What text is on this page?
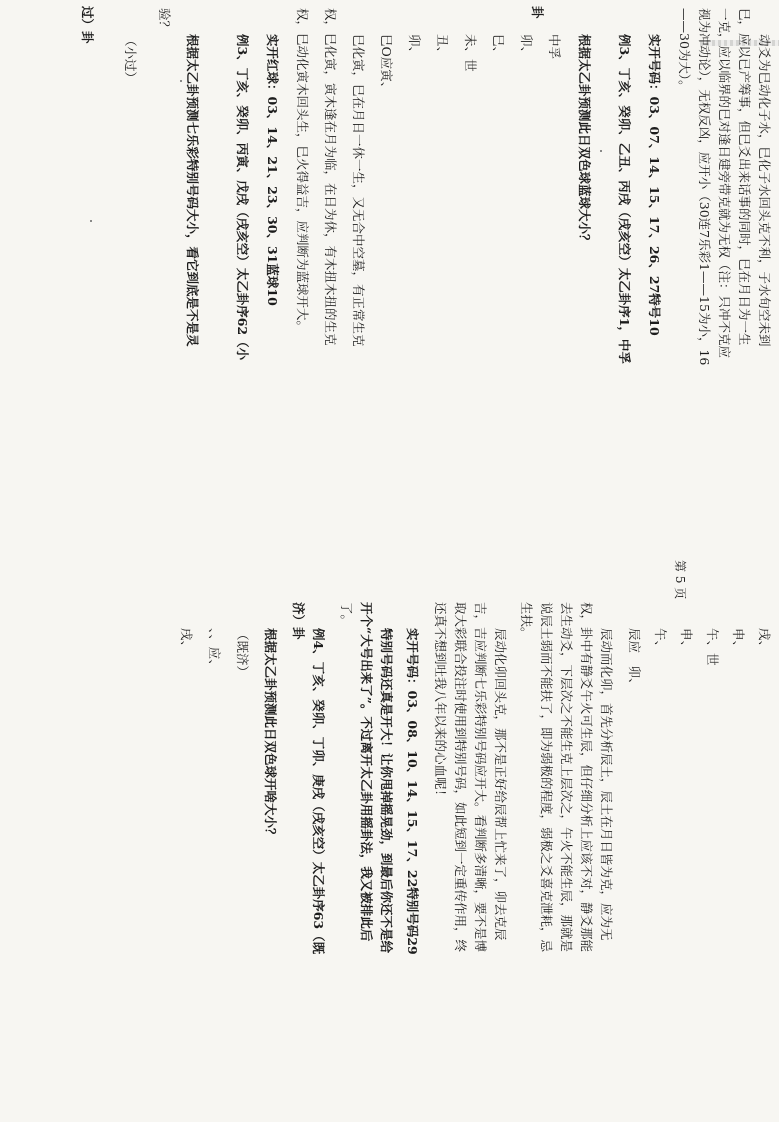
卦
过）卦

动爻为巳动化子水，巳化子水回头克不利，子水旬空未到

巳，应以已产筹事，但巳爻出来话事的同时，巳在月日为一生

一克，应以临界的巳对逢日建旁带克就为无权（注：只冲不克应

视为冲动论），无权反凶，应开小（30连7乐彩1——15为小，16

——30为大）。

实开号码：03、07、14、15、17、26、27特号10

例3、丁亥、癸卯、乙丑、丙戌（戌亥空）太乙卦序1，中孚

根据太乙卦预测此日双色球蓝球大小？

中孚

卯、

巳、

未、世

丑、

卯、

巳O应寅、

巳化寅，巳在月日一休一生，又无合中空墓，有正常生克

权，巳化寅，寅木逢在月为临，在日为休，有木扭木扭的生克

权，巳动化寅木回头生，巳火得益吉，应判断为蓝球开大。

实开红球：03、14、21、23、30、31蓝球10

例3、丁亥、癸卯、丙寅、戊戌（戌亥空）太乙卦序62（小

根据太乙卦预测七乐彩特别号码大小，看它到底是不是灵

验？

（小过）

第 5 页

戌、

申、

午、世

申、

午、

辰应　卯、

辰动而化卯，首先分析辰土，辰土在月日皆为克，应为无

权，卦中有静爻午火可生辰，但仔细分析上应该不对，静爻那能

去生动爻，下层次之不能生克上层次之，午火不能生辰，那就是

说辰土弱而不能扶了，即为弱极的程度，弱极之爻喜克泄耗，忌

生扶。

辰动化卯回头克，那不是正好给辰帮上忙来了，卯去克辰

吉，吉应判断七乐彩特别号码应开大。看判断多清晰，要不是博

取大彩联合投注时使用到特别号码，如此短到一定重传作用，终

还真不想到吐我八年以来的心血呢！

实开号码：03、08、10、14、15、17、22特别号码29

特别号码还真是开大！让你甩掉摇晃劲，到最后你还不是给

开个“大号出来了”。不过离开太乙卦用摇卦法，我又被排此后

了。

例4、丁亥、癸卯、丁卯、庚戌（戌亥空）太乙卦序63（既

济）卦

根据太乙卦预测此日双色球开啥大小？

（既济）

、、应、

戌、
